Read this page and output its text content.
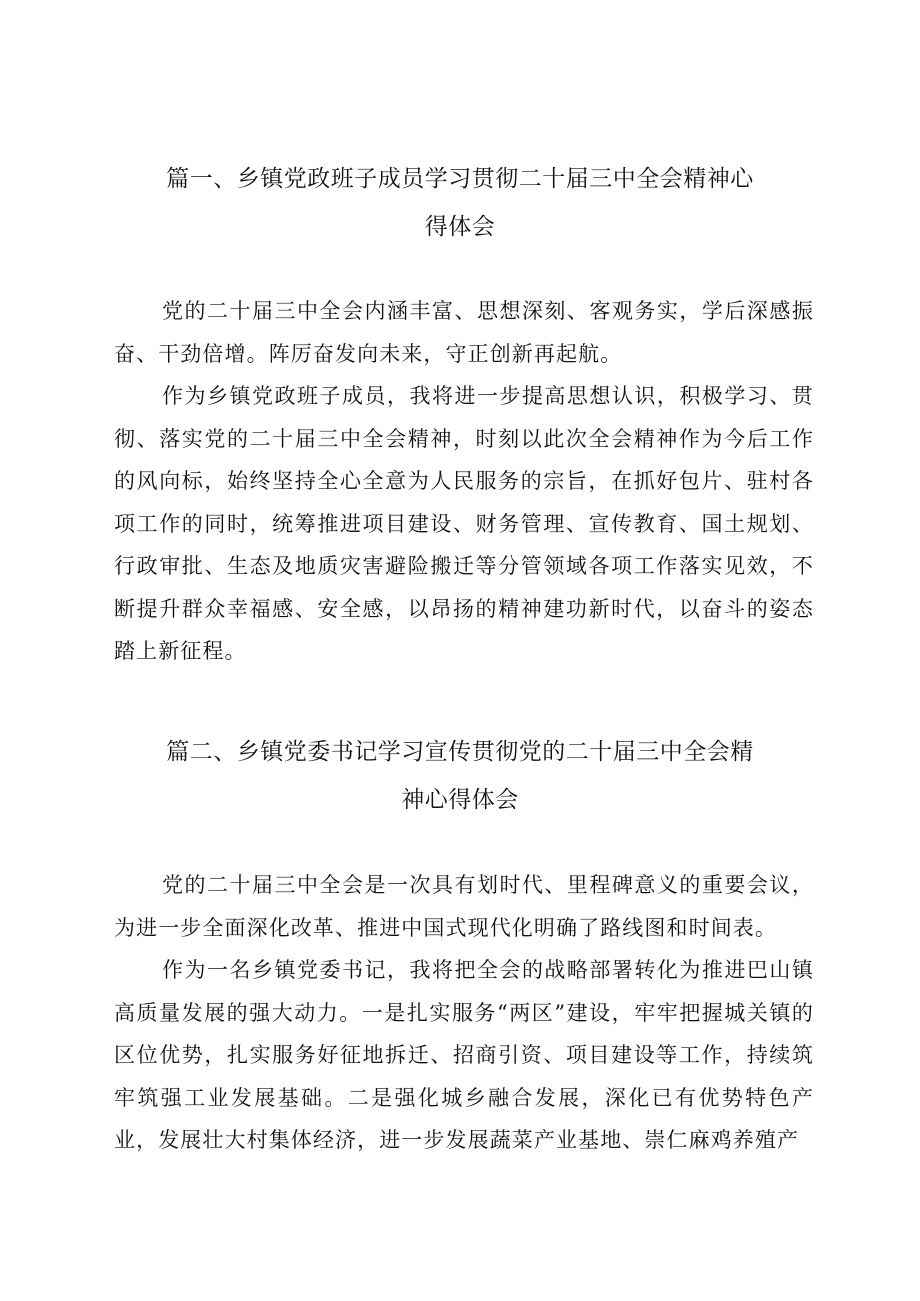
篇一、乡镇党政班子成员学习贯彻二十届三中全会精神心
得体会

党的二十届三中全会内涵丰富、思想深刻、客观务实，学后深感振奋、干劲倍增。阵厉奋发向未来，守正创新再起航。

作为乡镇党政班子成员，我将进一步提高思想认识，积极学习、贯彻、落实党的二十届三中全会精神，时刻以此次全会精神作为今后工作的风向标，始终坚持全心全意为人民服务的宗旨，在抓好包片、驻村各项工作的同时，统筹推进项目建设、财务管理、宣传教育、国土规划、行政审批、生态及地质灾害避险搬迁等分管领域各项工作落实见效，不断提升群众幸福感、安全感，以昂扬的精神建功新时代，以奋斗的姿态踏上新征程。

篇二、乡镇党委书记学习宣传贯彻党的二十届三中全会精
神心得体会

党的二十届三中全会是一次具有划时代、里程碑意义的重要会议，为进一步全面深化改革、推进中国式现代化明确了路线图和时间表。

作为一名乡镇党委书记，我将把全会的战略部署转化为推进巴山镇高质量发展的强大动力。一是扎实服务“两区”建设，牢牢把握城关镇的区位优势，扎实服务好征地拆迁、招商引资、项目建设等工作，持续筑牢筑强工业发展基础。二是强化城乡融合发展，深化已有优势特色产业，发展壮大村集体经济，进一步发展蔬菜产业基地、崇仁麻鸡养殖产
